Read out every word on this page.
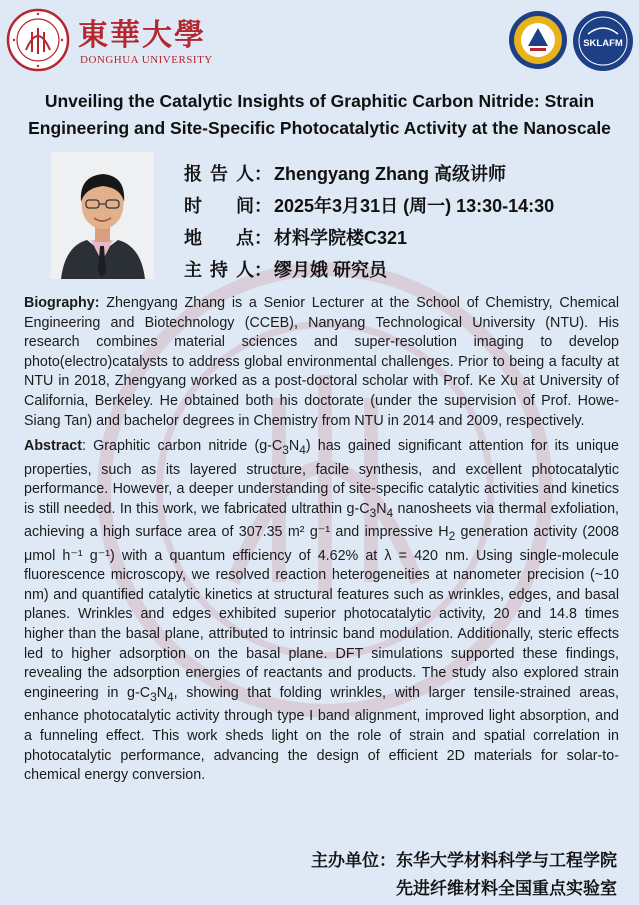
東華大學
DONGHUA UNIVERSITY
SKLAFM
Unveiling the Catalytic Insights of Graphitic Carbon Nitride: Strain
Engineering and Site-Specific Photocatalytic Activity at the Nanoscale
报 告 人 ： Zhengyang Zhang 高级讲师
时 间 ： 2025年3月31日 (周一) 13:30-14:30
地 点 ： 材料学院楼C321
主 持 人 ： 缪月娥 研究员

Biography: Zhengyang Zhang is a Senior Lecturer at the School of Chemistry, Chemical Engineering and Biotechnology (CCEB), Nanyang Technological University (NTU). His research combines material sciences and super-resolution imaging to develop photo(electro)catalysts to address global environmental challenges. Prior to being a faculty at NTU in 2018, Zhengyang worked as a post-doctoral scholar with Prof. Ke Xu at University of California, Berkeley. He obtained both his doctorate (under the supervision of Prof. Howe-Siang Tan) and bachelor degrees in Chemistry from NTU in 2014 and 2009, respectively.

Abstract: Graphitic carbon nitride $(g-C_3N_4)$ has gained significant attention for its unique properties, such as its layered structure, facile synthesis, and excellent photocatalytic performance. However, a deeper understanding of site-specific catalytic activities and kinetics is still needed. In this work, we fabricated ultrathin $g-C_3N_4$ nanosheets via thermal exfoliation, achieving a high surface area of 307.35 m² g⁻¹ and impressive $H_2$ generation activity (2008 μmol h⁻¹ g⁻¹) with a quantum efficiency of 4.62% at λ = 420 nm. Using single-molecule fluorescence microscopy, we resolved reaction heterogeneities at nanometer precision (~10 nm) and quantified catalytic kinetics at structural features such as wrinkles, edges, and basal planes. Wrinkles and edges exhibited superior photocatalytic activity, 20 and 14.8 times higher than the basal plane, attributed to intrinsic band modulation. Additionally, steric effects led to higher adsorption on the basal plane. DFT simulations supported these findings, revealing the adsorption energies of reactants and products. The study also explored strain engineering in $g-C_3N_4$, showing that folding wrinkles, with larger tensile-strained areas, enhance photocatalytic activity through type I band alignment, improved light absorption, and a funneling effect. This work sheds light on the role of strain and spatial correlation in photocatalytic performance, advancing the design of efficient 2D materials for solar-to-chemical energy conversion.

主办单位：东华大学材料科学与工程学院
先进纤维材料全国重点实验室
